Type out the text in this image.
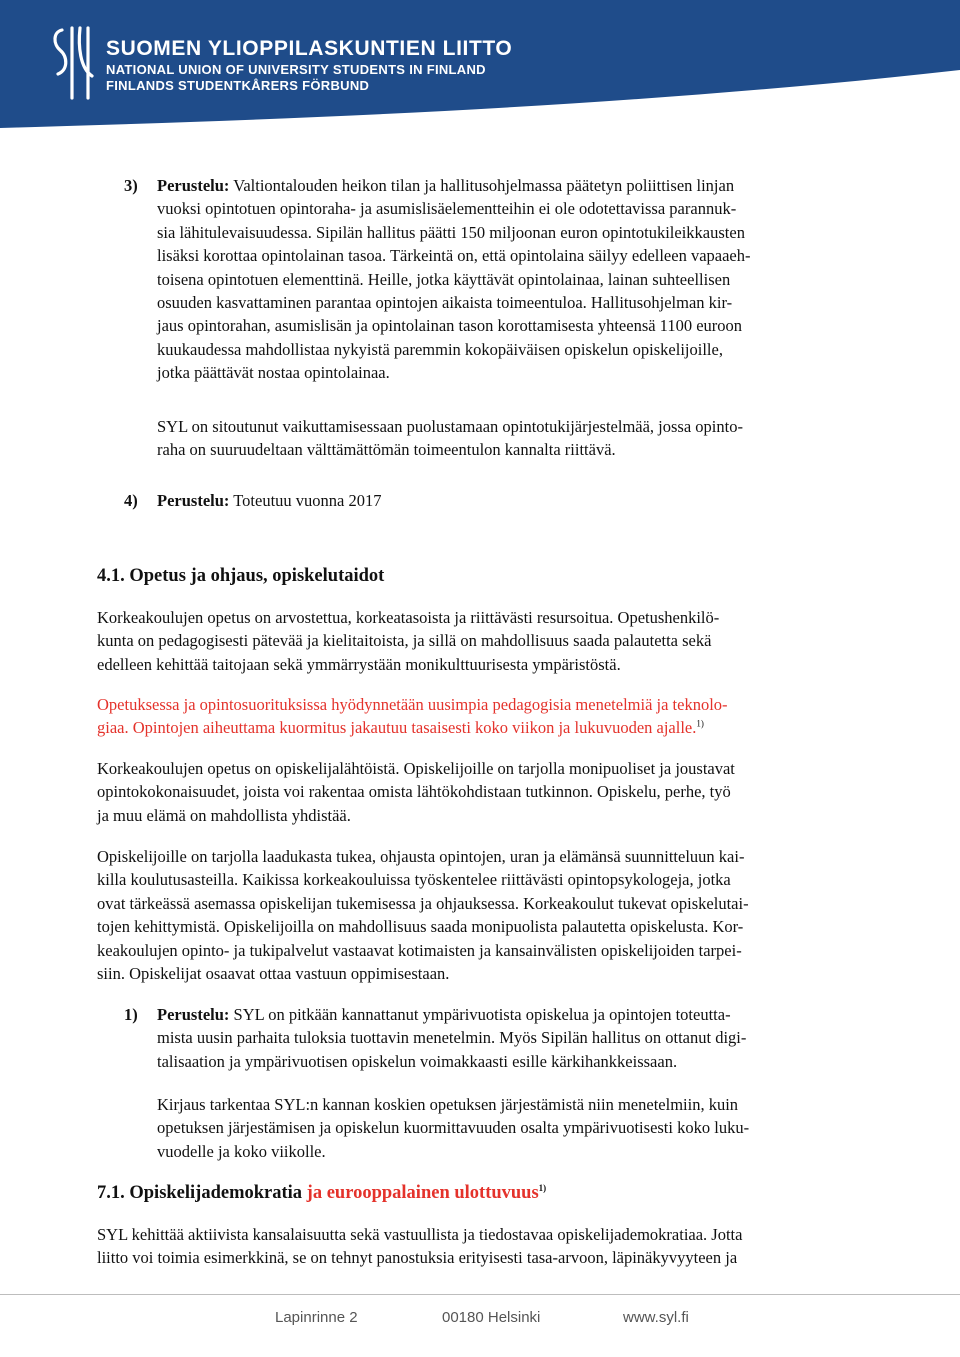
SUOMEN YLIOPPILASKUNTIEN LIITTO
NATIONAL UNION OF UNIVERSITY STUDENTS IN FINLAND
FINLANDS STUDENTKÅRERS FÖRBUND
3) Perustelu: Valtiontalouden heikon tilan ja hallitusohjelmassa päätetyn poliittisen linjan
vuoksi opintotuen opintoraha- ja asumislisäelementteihin ei ole odotettavissa parannuk-
sia lähitulevaisuudessa. Sipilän hallitus päätti 150 miljoonan euron opintotukileikkausten
lisäksi korottaa opintolainan tasoa. Tärkeintä on, että opintolaina säilyy edelleen vapaaeh-
toisena opintotuen elementtinä. Heille, jotka käyttävät opintolainaa, lainan suhteellisen
osuuden kasvattaminen parantaa opintojen aikaista toimeentuloa. Hallitusohjelman kir-
jaus opintorahan, asumislisän ja opintolainan tason korottamisesta yhteensä 1100 euroon
kuukaudessa mahdollistaa nykyistä paremmin kokopäiväisen opiskelun opiskelijoille,
jotka päättävät nostaa opintolainaa.

SYL on sitoutunut vaikuttamisessaan puolustamaan opintotukijärjestelmää, jossa opinto-
raha on suuruudeltaan välttämättömän toimeentulon kannalta riittävä.

4) Perustelu: Toteutuu vuonna 2017

4.1. Opetus ja ohjaus, opiskelutaidot

Korkeakoulujen opetus on arvostettua, korkeatasoista ja riittävästi resursoitua. Opetushenkilö-
kunta on pedagogisesti pätevää ja kielitaitoista, ja sillä on mahdollisuus saada palautetta sekä
edelleen kehittää taitojaan sekä ymmärrystään monikulttuurisesta ympäristöstä.

Opetuksessa ja opintosuorituksissa hyödynnetään uusimpia pedagogisia menetelmiä ja teknolo-
giaa. Opintojen aiheuttama kuormitus jakautuu tasaisesti koko viikon ja lukuvuoden ajalle.$^{1)}$

Korkeakoulujen opetus on opiskelijalähtöistä. Opiskelijoille on tarjolla monipuoliset ja joustavat
opintokokonaisuudet, joista voi rakentaa omista lähtökohdistaan tutkinnon. Opiskelu, perhe, työ
ja muu elämä on mahdollista yhdistää.

Opiskelijoille on tarjolla laadukasta tukea, ohjausta opintojen, uran ja elämänsä suunnitteluun kai-
killa koulutusasteilla. Kaikissa korkeakouluissa työskentelee riittävästi opintopsykologeja, jotka
ovat tärkeässä asemassa opiskelijan tukemisessa ja ohjauksessa. Korkeakoulut tukevat opiskelutai-
tojen kehittymistä. Opiskelijoilla on mahdollisuus saada monipuolista palautetta opiskelusta. Kor-
keakoulujen opinto- ja tukipalvelut vastaavat kotimaisten ja kansainvälisten opiskelijoiden tarpei-
siin. Opiskelijat osaavat ottaa vastuun oppimisestaan.

1) Perustelu: SYL on pitkään kannattanut ympärivuotista opiskelua ja opintojen toteutta-
mista uusin parhaita tuloksia tuottavin menetelmin. Myös Sipilän hallitus on ottanut digi-
talisaation ja ympärivuotisen opiskelun voimakkaasti esille kärkihankkeissaan.

Kirjaus tarkentaa SYL:n kannan koskien opetuksen järjestämistä niin menetelmiin, kuin
opetuksen järjestämisen ja opiskelun kuormittavuuden osalta ympärivuotisesti koko luku-
vuodelle ja koko viikolle.

7.1. Opiskelijademokratia ja eurooppalainen ulottuvuus$^{1)}$

SYL kehittää aktiivista kansalaisuutta sekä vastuullista ja tiedostavaa opiskelijademokratiaa. Jotta
liitto voi toimia esimerkkinä, se on tehnyt panostuksia erityisesti tasa-arvoon, läpinäkyvyyteen ja

Lapinrinne 2	00180 Helsinki	www.syl.fi
